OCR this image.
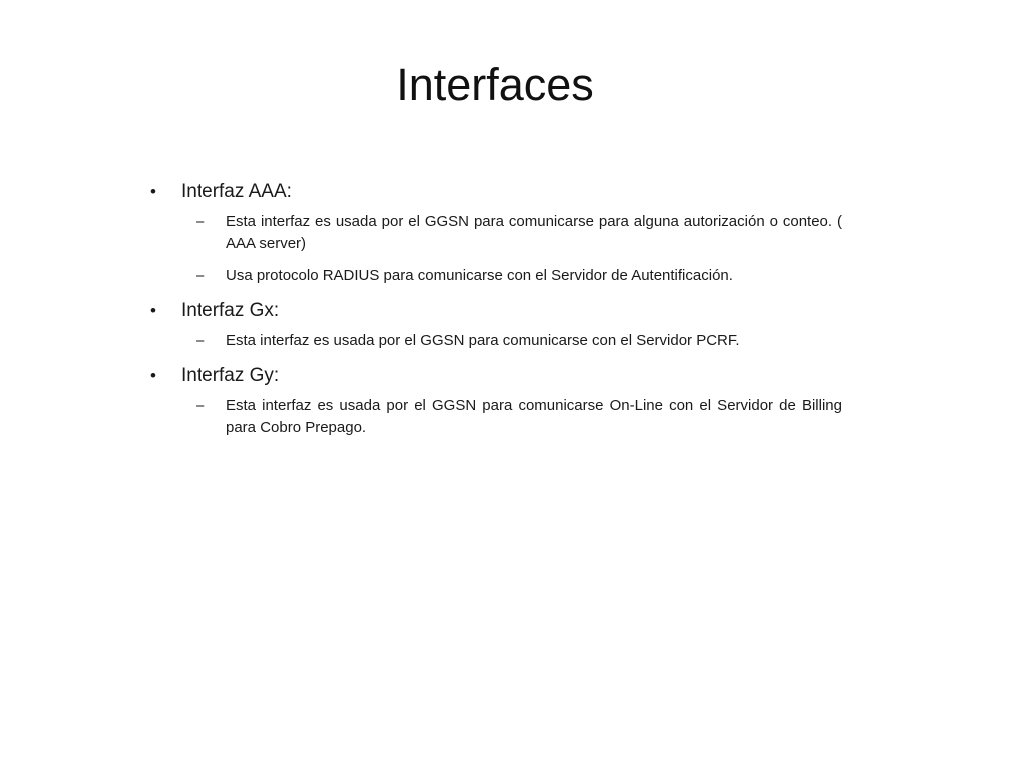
Interfaces
• Interfaz AAA:
– Esta interfaz es usada por el GGSN para comunicarse para alguna autorización o conteo. ( AAA server)
– Usa protocolo RADIUS para comunicarse con el Servidor de Autentificación.
• Interfaz Gx:
– Esta interfaz es usada por el GGSN para comunicarse con el Servidor PCRF.
• Interfaz Gy:
– Esta interfaz es usada por el GGSN para comunicarse On-Line con el Servidor de Billing para Cobro Prepago.
